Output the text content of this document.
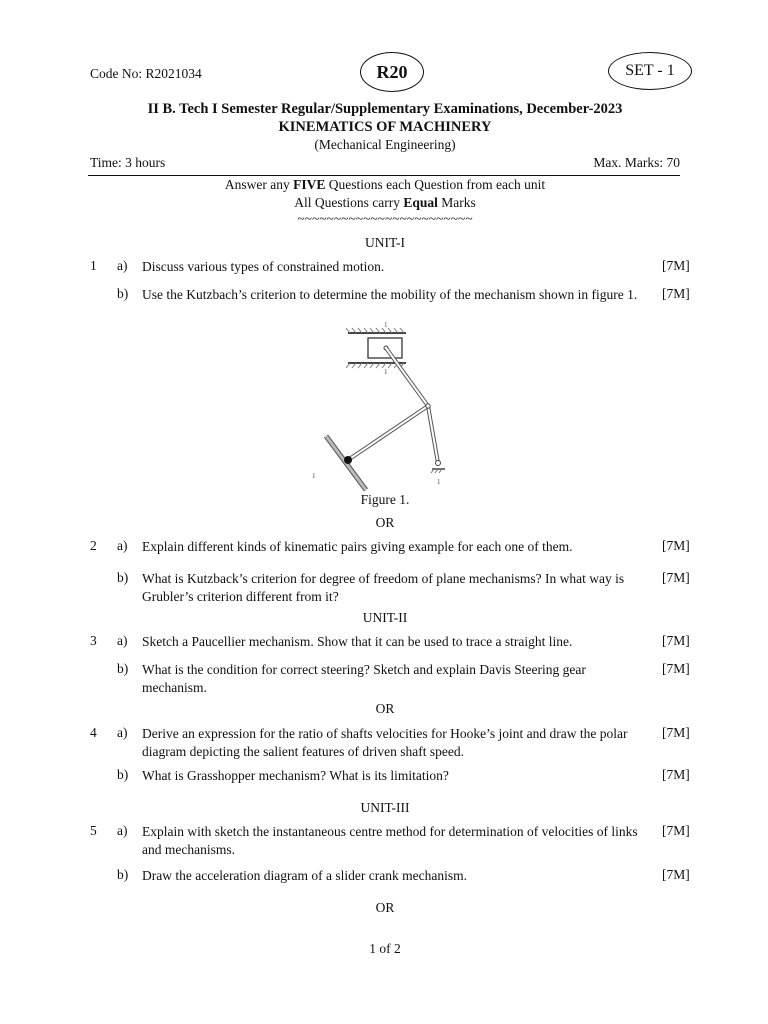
Code No: R2021034	R20	SET - 1
II B. Tech I Semester Regular/Supplementary Examinations, December-2023
KINEMATICS OF MACHINERY
(Mechanical Engineering)
Time: 3 hours	Max. Marks: 70
Answer any FIVE Questions each Question from each unit
All Questions carry Equal Marks
~~~~~~~~~~~~~~~~~~~~~~~~
UNIT-I
1 a) Discuss various types of constrained motion.	[7M]
b) Use the Kutzbach’s criterion to determine the mobility of the mechanism shown in figure 1.	[7M]
1
1
1
1
Figure 1.
OR
2 a) Explain different kinds of kinematic pairs giving example for each one of them.	[7M]
b) What is Kutzback’s criterion for degree of freedom of plane mechanisms? In what way is Grubler’s criterion different from it?
[7M]
UNIT-II
3 a) Sketch a Paucellier mechanism. Show that it can be used to trace a straight line.	[7M]
b) What is the condition for correct steering? Sketch and explain Davis Steering gear mechanism.
[7M]
OR
4 a) Derive an expression for the ratio of shafts velocities for Hooke’s joint and draw the polar diagram depicting the salient features of driven shaft speed.
[7M]
b) What is Grasshopper mechanism? What is its limitation?	[7M]
UNIT-III
5 a) Explain with sketch the instantaneous centre method for determination of velocities of links and mechanisms.
[7M]
b) Draw the acceleration diagram of a slider crank mechanism.	[7M]
OR
1 of 2
